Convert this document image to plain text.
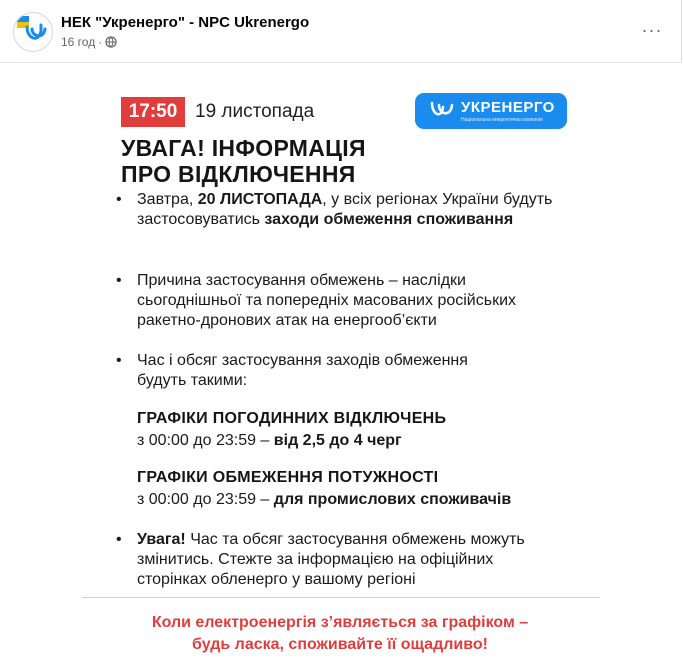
НЕК "Укренерго" - NPC Ukrenergo
16 год ·
···
17:50 19 листопада	УКРЕНЕРГО
Національна енергетична компанія
УВАГА! ІНФОРМАЦІЯ
ПРО ВІДКЛЮЧЕННЯ
• Завтра, 20 ЛИСТОПАДА, у всіх регіонах України будуть застосовуватись заходи обмеження споживання
• Причина застосування обмежень – наслідки сьогоднішньої та попередніх масованих російських ракетно-дронових атак на енергооб’єкти
• Час і обсяг застосування заходів обмеження будуть такими:
ГРАФІКИ ПОГОДИННИХ ВІДКЛЮЧЕНЬ
з 00:00 до 23:59 – від 2,5 до 4 черг
ГРАФІКИ ОБМЕЖЕННЯ ПОТУЖНОСТІ
з 00:00 до 23:59 – для промислових споживачів
• Увага! Час та обсяг застосування обмежень можуть змінитись. Стежте за інформацією на офіційних сторінках обленерго у вашому регіоні
Коли електроенергія з’являється за графіком –
будь ласка, споживайте її ощадливо!
